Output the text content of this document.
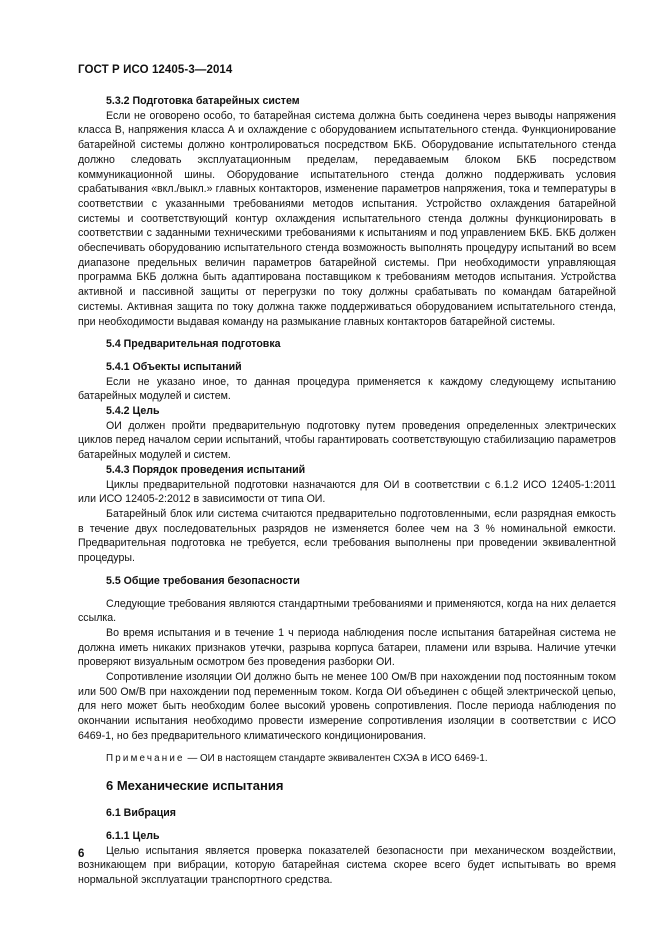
ГОСТ Р ИСО 12405-3—2014
5.3.2 Подготовка батарейных систем

Если не оговорено особо, то батарейная система должна быть соединена через выводы напряжения класса В, напряжения класса А и охлаждение с оборудованием испытательного стенда. Функционирование батарейной системы должно контролироваться посредством БКБ. Оборудование испытательного стенда должно следовать эксплуатационным пределам, передаваемым блоком БКБ посредством коммуникационной шины. Оборудование испытательного стенда должно поддерживать условия срабатывания «вкл./выкл.» главных контакторов, изменение параметров напряжения, тока и температуры в соответствии с указанными требованиями методов испытания. Устройство охлаждения батарейной системы и соответствующий контур охлаждения испытательного стенда должны функционировать в соответствии с заданными техническими требованиями к испытаниям и под управлением БКБ. БКБ должен обеспечивать оборудованию испытательного стенда возможность выполнять процедуру испытаний во всем диапазоне предельных величин параметров батарейной системы. При необходимости управляющая программа БКБ должна быть адаптирована поставщиком к требованиям методов испытания. Устройства активной и пассивной защиты от перегрузки по току должны срабатывать по командам батарейной системы. Активная защита по току должна также поддерживаться оборудованием испытательного стенда, при необходимости выдавая команду на размыкание главных контакторов батарейной системы.

5.4 Предварительная подготовка
5.4.1 Объекты испытаний

Если не указано иное, то данная процедура применяется к каждому следующему испытанию батарейных модулей и систем.

5.4.2 Цель

ОИ должен пройти предварительную подготовку путем проведения определенных электрических циклов перед началом серии испытаний, чтобы гарантировать соответствующую стабилизацию параметров батарейных модулей и систем.

5.4.3 Порядок проведения испытаний

Циклы предварительной подготовки назначаются для ОИ в соответствии с 6.1.2 ИСО 12405-1:2011 или ИСО 12405-2:2012 в зависимости от типа ОИ.

Батарейный блок или система считаются предварительно подготовленными, если разрядная емкость в течение двух последовательных разрядов не изменяется более чем на 3 % номинальной емкости. Предварительная подготовка не требуется, если требования выполнены при проведении эквивалентной процедуры.

5.5 Общие требования безопасности

Следующие требования являются стандартными требованиями и применяются, когда на них делается ссылка.

Во время испытания и в течение 1 ч периода наблюдения после испытания батарейная система не должна иметь никаких признаков утечки, разрыва корпуса батареи, пламени или взрыва. Наличие утечки проверяют визуальным осмотром без проведения разборки ОИ.

Сопротивление изоляции ОИ должно быть не менее 100 Ом/В при нахождении под постоянным током или 500 Ом/В при нахождении под переменным током. Когда ОИ объединен с общей электрической цепью, для него может быть необходим более высокий уровень сопротивления. После периода наблюдения по окончании испытания необходимо провести измерение сопротивления изоляции в соответствии с ИСО 6469-1, но без предварительного климатического кондиционирования.

Примечание — ОИ в настоящем стандарте эквивалентен СХЭА в ИСО 6469-1.

6 Механические испытания
6.1 Вибрация
6.1.1 Цель

Целью испытания является проверка показателей безопасности при механическом воздействии, возникающем при вибрации, которую батарейная система скорее всего будет испытывать во время нормальной эксплуатации транспортного средства.

6
